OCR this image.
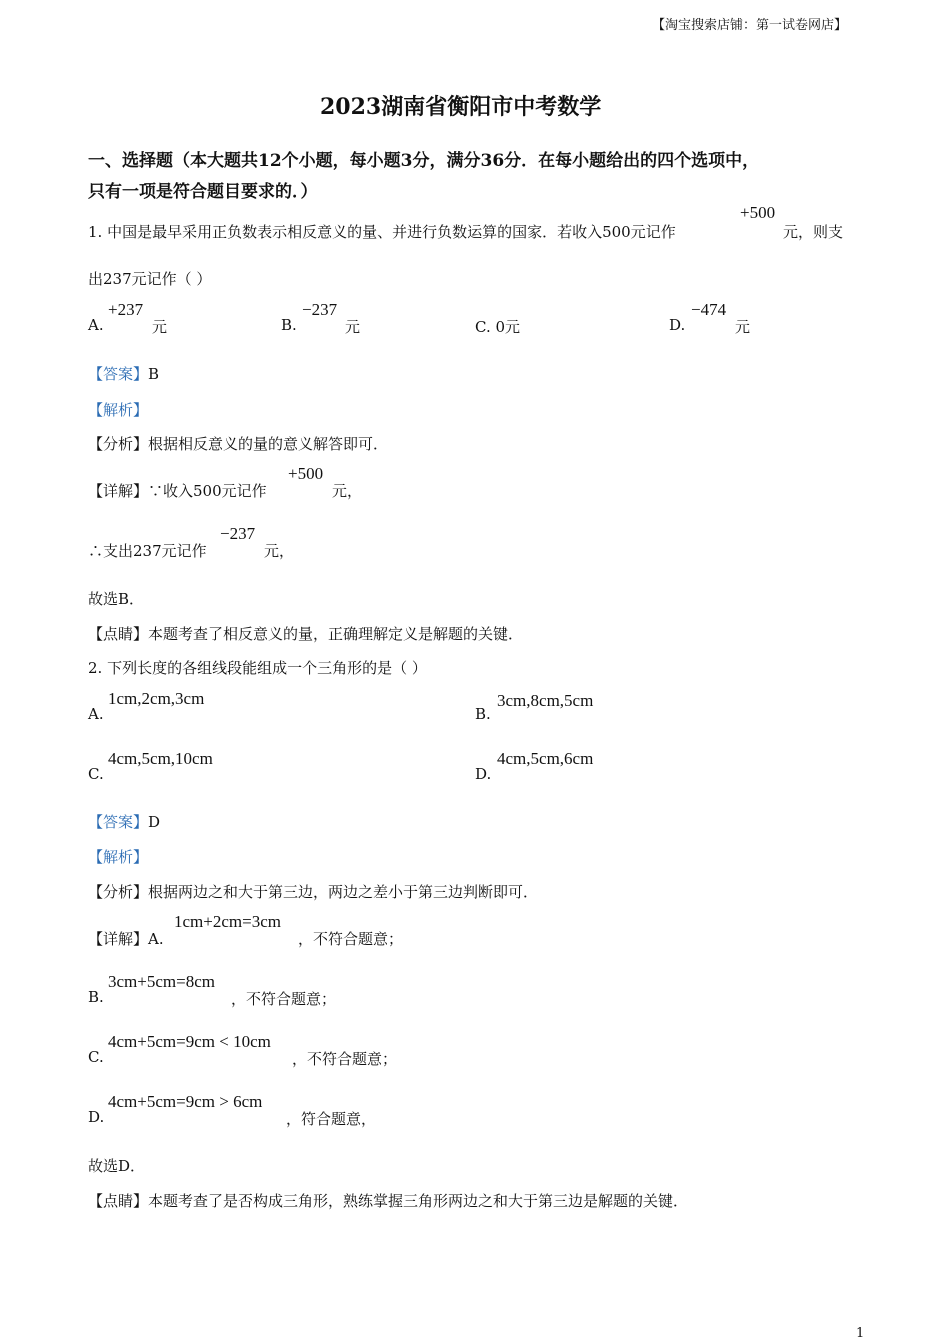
【淘宝搜索店铺：第一试卷网店】
2023湖南省衡阳市中考数学
一、选择题（本大题共12个小题，每小题3分，满分36分．在每小题给出的四个选项中，
只有一项是符合题目要求的．）
1. 中国是最早采用正负数表示相反意义的量、并进行负数运算的国家．若收入500元记作
+500
元，则支
出237元记作（ ）
A.
+237
元	B.
−237
元	C. 0元	D.
−474
元
【答案】B
【解析】
【分析】根据相反意义的量的意义解答即可．
【详解】∵收入500元记作
+500
元，
∴支出237元记作
−237
元，
故选B．
【点睛】本题考查了相反意义的量，正确理解定义是解题的关键．
2. 下列长度的各组线段能组成一个三角形的是（ ）
A.
1cm,2cm,3cm
B.
3cm,8cm,5cm
C.
4cm,5cm,10cm
D.
4cm,5cm,6cm
【答案】D
【解析】
【分析】根据两边之和大于第三边，两边之差小于第三边判断即可．
【详解】A.
1cm+2cm=3cm
，不符合题意；
B.
3cm+5cm=8cm
，不符合题意；
C.
4cm+5cm=9cm < 10cm
，不符合题意；
D.
4cm+5cm=9cm > 6cm
，符合题意，
故选D．
【点睛】本题考查了是否构成三角形，熟练掌握三角形两边之和大于第三边是解题的关键．
1
